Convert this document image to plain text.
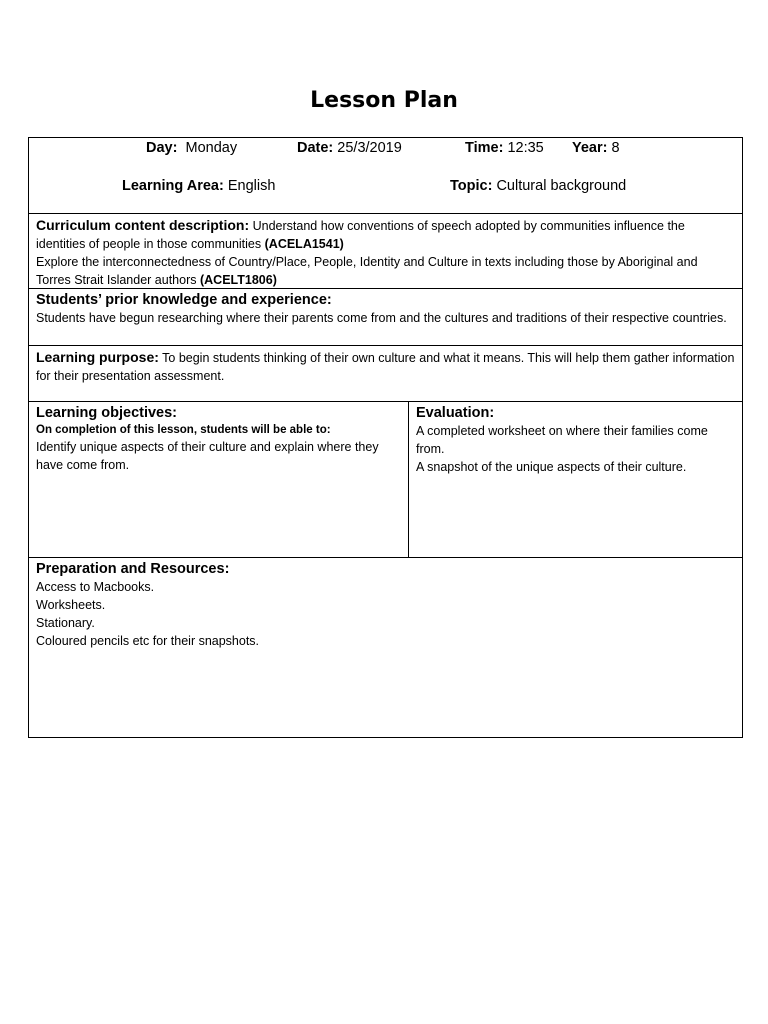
Lesson Plan
Day: Monday	Date: 25/3/2019	Time: 12:35 Year: 8
Learning Area: English	Topic: Cultural background
Curriculum content description: Understand how conventions of speech adopted by communities influence the identities of people in those communities (ACELA1541)
Explore the interconnectedness of Country/Place, People, Identity and Culture in texts including those by Aboriginal and Torres Strait Islander authors (ACELT1806)
Students’ prior knowledge and experience:
Students have begun researching where their parents come from and the cultures and traditions of their respective countries.
Learning purpose: To begin students thinking of their own culture and what it means. This will help them gather information for their presentation assessment.
Learning objectives:
On completion of this lesson, students will be able to:
Identify unique aspects of their culture and explain where they have come from.
Evaluation:
A completed worksheet on where their families come from.
A snapshot of the unique aspects of their culture.
Preparation and Resources:
Access to Macbooks.
Worksheets.
Stationary.
Coloured pencils etc for their snapshots.
